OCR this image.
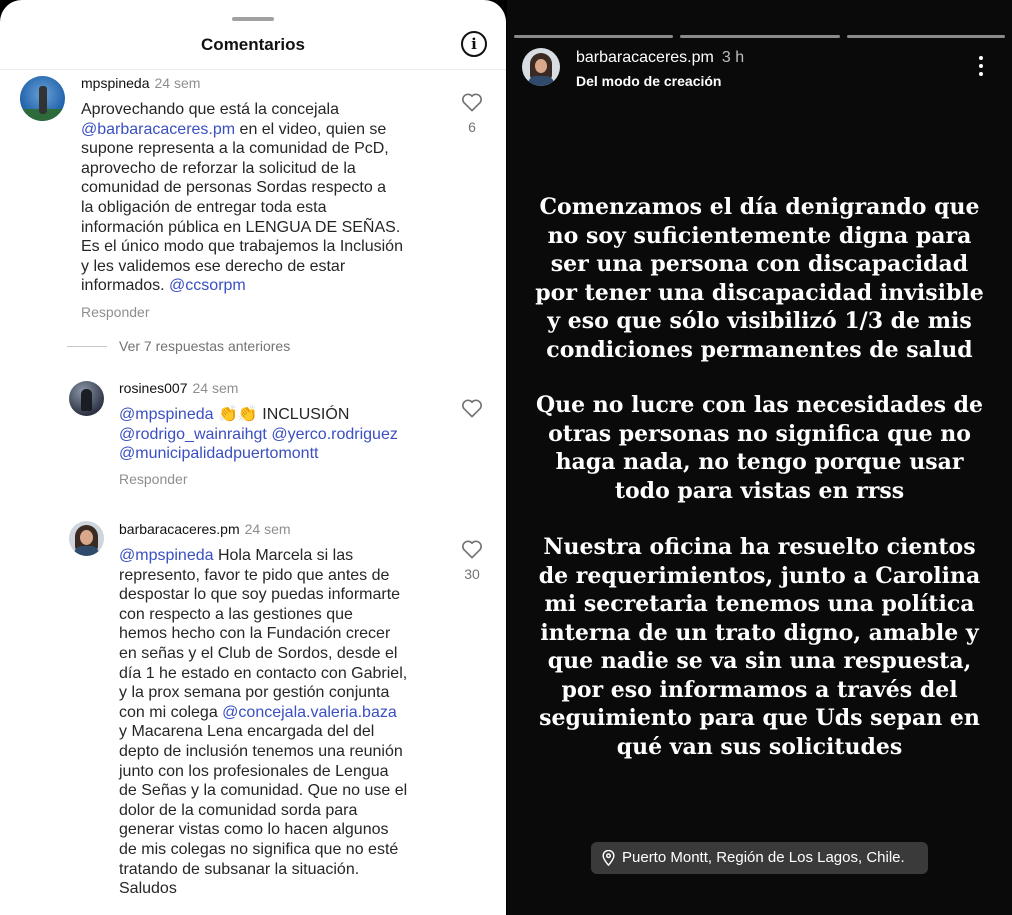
Comentarios	i
mpspineda 24 sem
Aprovechando que está la concejala
@barbaracaceres.pm en el video, quien se
supone representa a la comunidad de PcD,
aprovecho de reforzar la solicitud de la
comunidad de personas Sordas respecto a
la obligación de entregar toda esta
información pública en LENGUA DE SEÑAS.
Es el único modo que trabajemos la Inclusión
y les validemos ese derecho de estar
informados. @ccsorpm
Responder
6
Ver 7 respuestas anteriores
rosines007 24 sem
@mpspineda 👏👏 INCLUSIÓN
@rodrigo_wainraihgt @yerco.rodriguez
@municipalidadpuertomontt
Responder
barbaracaceres.pm 24 sem
@mpspineda Hola Marcela si las
represento, favor te pido que antes de
despostar lo que soy puedas informarte
con respecto a las gestiones que
hemos hecho con la Fundación crecer
en señas y el Club de Sordos, desde el
día 1 he estado en contacto con Gabriel,
y la prox semana por gestión conjunta
con mi colega @concejala.valeria.baza
y Macarena Lena encargada del del
depto de inclusión tenemos una reunión
junto con los profesionales de Lengua
de Señas y la comunidad. Que no use el
dolor de la comunidad sorda para
generar vistas como lo hacen algunos
de mis colegas no significa que no esté
tratando de subsanar la situación.
Saludos
30
barbaracaceres.pm 3 h
Del modo de creación
Comenzamos el día denigrando que
no soy suficientemente digna para
ser una persona con discapacidad
por tener una discapacidad invisible
y eso que sólo visibilizó 1/3 de mis
condiciones permanentes de salud
Que no lucre con las necesidades de
otras personas no significa que no
haga nada, no tengo porque usar
todo para vistas en rrss
Nuestra oficina ha resuelto cientos
de requerimientos, junto a Carolina
mi secretaria tenemos una política
interna de un trato digno, amable y
que nadie se va sin una respuesta,
por eso informamos a través del
seguimiento para que Uds sepan en
qué van sus solicitudes
Puerto Montt, Región de Los Lagos, Chile.
